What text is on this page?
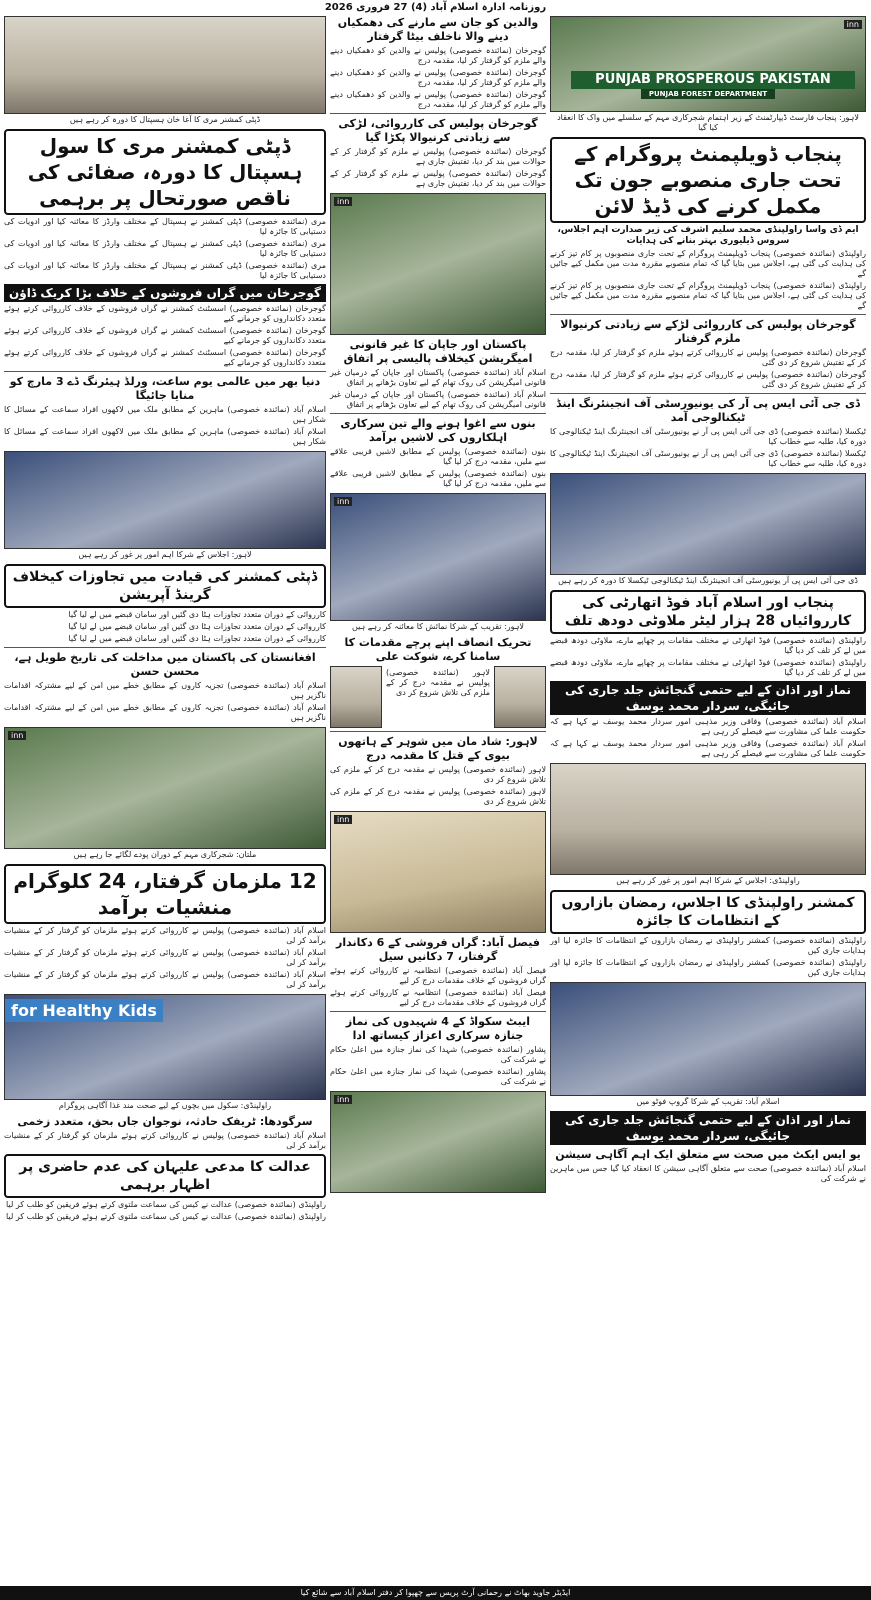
روزنامہ ادارہ اسلام آباد (4) 27 فروری 2026
inn
PUNJAB PROSPEROUS PAKISTAN
PUNJAB FOREST DEPARTMENT
لاہور: پنجاب فارسٹ ڈیپارٹمنٹ کے زیر اہتمام شجرکاری مہم کے سلسلے میں واک کا انعقاد کیا گیا
پنجاب ڈویلپمنٹ پروگرام کے تحت جاری منصوبے جون تک مکمل کرنے کی ڈیڈ لائن
ایم ڈی واسا راولپنڈی محمد سلیم اشرف کی زیر صدارت اہم اجلاس، سروس ڈیلیوری بہتر بنانے کی ہدایات
راولپنڈی (نمائندہ خصوصی) پنجاب ڈویلپمنٹ پروگرام کے تحت جاری منصوبوں پر کام تیز کرنے کی ہدایت کی گئی ہے، اجلاس میں بتایا گیا کہ تمام منصوبے مقررہ مدت میں مکمل کیے جائیں گے
راولپنڈی (نمائندہ خصوصی) پنجاب ڈویلپمنٹ پروگرام کے تحت جاری منصوبوں پر کام تیز کرنے کی ہدایت کی گئی ہے، اجلاس میں بتایا گیا کہ تمام منصوبے مقررہ مدت میں مکمل کیے جائیں گے
گوجرخان پولیس کی کارروائی لڑکے سے زیادتی کرنیوالا ملزم گرفتار
گوجرخان (نمائندہ خصوصی) پولیس نے کارروائی کرتے ہوئے ملزم کو گرفتار کر لیا، مقدمہ درج کر کے تفتیش شروع کر دی گئی
گوجرخان (نمائندہ خصوصی) پولیس نے کارروائی کرتے ہوئے ملزم کو گرفتار کر لیا، مقدمہ درج کر کے تفتیش شروع کر دی گئی
ڈی جی آئی ایس پی آر کی یونیورسٹی آف انجینئرنگ اینڈ ٹیکنالوجی آمد
ٹیکسلا (نمائندہ خصوصی) ڈی جی آئی ایس پی آر نے یونیورسٹی آف انجینئرنگ اینڈ ٹیکنالوجی کا دورہ کیا، طلبہ سے خطاب کیا
ٹیکسلا (نمائندہ خصوصی) ڈی جی آئی ایس پی آر نے یونیورسٹی آف انجینئرنگ اینڈ ٹیکنالوجی کا دورہ کیا، طلبہ سے خطاب کیا
ڈی جی آئی ایس پی آر یونیورسٹی آف انجینئرنگ اینڈ ٹیکنالوجی ٹیکسلا کا دورہ کر رہے ہیں
پنجاب اور اسلام آباد فوڈ اتھارٹی کی کارروائیاں 28 ہزار لیٹر ملاوٹی دودھ تلف
راولپنڈی (نمائندہ خصوصی) فوڈ اتھارٹی نے مختلف مقامات پر چھاپے مارے، ملاوٹی دودھ قبضے میں لے کر تلف کر دیا گیا
راولپنڈی (نمائندہ خصوصی) فوڈ اتھارٹی نے مختلف مقامات پر چھاپے مارے، ملاوٹی دودھ قبضے میں لے کر تلف کر دیا گیا
نماز اور اذان کے لیے حتمی گنجائش جلد جاری کی جائیگی، سردار محمد یوسف
اسلام آباد (نمائندہ خصوصی) وفاقی وزیر مذہبی امور سردار محمد یوسف نے کہا ہے کہ حکومت علما کی مشاورت سے فیصلے کر رہی ہے
اسلام آباد (نمائندہ خصوصی) وفاقی وزیر مذہبی امور سردار محمد یوسف نے کہا ہے کہ حکومت علما کی مشاورت سے فیصلے کر رہی ہے
راولپنڈی: اجلاس کے شرکا اہم امور پر غور کر رہے ہیں
کمشنر راولپنڈی کا اجلاس، رمضان بازاروں کے انتظامات کا جائزہ
راولپنڈی (نمائندہ خصوصی) کمشنر راولپنڈی نے رمضان بازاروں کے انتظامات کا جائزہ لیا اور ہدایات جاری کیں
راولپنڈی (نمائندہ خصوصی) کمشنر راولپنڈی نے رمضان بازاروں کے انتظامات کا جائزہ لیا اور ہدایات جاری کیں
اسلام آباد: تقریب کے شرکا گروپ فوٹو میں
نماز اور اذان کے لیے حتمی گنجائش جلد جاری کی جائیگی، سردار محمد یوسف
یو ایس ایکٹ میں صحت سے متعلق ایک اہم آگاہی سیشن
اسلام آباد (نمائندہ خصوصی) صحت سے متعلق آگاہی سیشن کا انعقاد کیا گیا جس میں ماہرین نے شرکت کی
والدین کو جان سے مارنے کی دھمکیاں دینے والا ناخلف بیٹا گرفتار
گوجرخان (نمائندہ خصوصی) پولیس نے والدین کو دھمکیاں دینے والے ملزم کو گرفتار کر لیا، مقدمہ درج
گوجرخان (نمائندہ خصوصی) پولیس نے والدین کو دھمکیاں دینے والے ملزم کو گرفتار کر لیا، مقدمہ درج
گوجرخان (نمائندہ خصوصی) پولیس نے والدین کو دھمکیاں دینے والے ملزم کو گرفتار کر لیا، مقدمہ درج
گوجرخان پولیس کی کارروائی، لڑکی سے زیادتی کرنیوالا پکڑا گیا
گوجرخان (نمائندہ خصوصی) پولیس نے ملزم کو گرفتار کر کے حوالات میں بند کر دیا، تفتیش جاری ہے
گوجرخان (نمائندہ خصوصی) پولیس نے ملزم کو گرفتار کر کے حوالات میں بند کر دیا، تفتیش جاری ہے
inn
پاکستان اور جاپان کا غیر قانونی امیگریشن کیخلاف پالیسی پر اتفاق
اسلام آباد (نمائندہ خصوصی) پاکستان اور جاپان کے درمیان غیر قانونی امیگریشن کی روک تھام کے لیے تعاون بڑھانے پر اتفاق
اسلام آباد (نمائندہ خصوصی) پاکستان اور جاپان کے درمیان غیر قانونی امیگریشن کی روک تھام کے لیے تعاون بڑھانے پر اتفاق
بنوں سے اغوا ہونے والے تین سرکاری اہلکاروں کی لاشیں برآمد
بنوں (نمائندہ خصوصی) پولیس کے مطابق لاشیں قریبی علاقے سے ملیں، مقدمہ درج کر لیا گیا
بنوں (نمائندہ خصوصی) پولیس کے مطابق لاشیں قریبی علاقے سے ملیں، مقدمہ درج کر لیا گیا
inn
لاہور: تقریب کے شرکا نمائش کا معائنہ کر رہے ہیں
تحریک انصاف اپنے پرچے مقدمات کا سامنا کرے، شوکت علی
لاہور (نمائندہ خصوصی) پولیس نے مقدمہ درج کر کے ملزم کی تلاش شروع کر دی
لاہور: شاد مان میں شوہر کے ہاتھوں بیوی کے قتل کا مقدمہ درج
لاہور (نمائندہ خصوصی) پولیس نے مقدمہ درج کر کے ملزم کی تلاش شروع کر دی
لاہور (نمائندہ خصوصی) پولیس نے مقدمہ درج کر کے ملزم کی تلاش شروع کر دی
inn
فیصل آباد: گراں فروشی کے 6 دکاندار گرفتار، 7 دکانیں سیل
فیصل آباد (نمائندہ خصوصی) انتظامیہ نے کارروائی کرتے ہوئے گراں فروشوں کے خلاف مقدمات درج کر لیے
فیصل آباد (نمائندہ خصوصی) انتظامیہ نے کارروائی کرتے ہوئے گراں فروشوں کے خلاف مقدمات درج کر لیے
ایبٹ سکواڈ کے 4 شہیدوں کی نماز جنازہ سرکاری اعزاز کیساتھ ادا
پشاور (نمائندہ خصوصی) شہدا کی نماز جنازہ میں اعلیٰ حکام نے شرکت کی
پشاور (نمائندہ خصوصی) شہدا کی نماز جنازہ میں اعلیٰ حکام نے شرکت کی
inn
ڈپٹی کمشنر مری کا آغا خان ہسپتال کا دورہ کر رہے ہیں
ڈپٹی کمشنر مری کا سول ہسپتال کا دورہ، صفائی کی ناقص صورتحال پر برہمی
مری (نمائندہ خصوصی) ڈپٹی کمشنر نے ہسپتال کے مختلف وارڈز کا معائنہ کیا اور ادویات کی دستیابی کا جائزہ لیا
مری (نمائندہ خصوصی) ڈپٹی کمشنر نے ہسپتال کے مختلف وارڈز کا معائنہ کیا اور ادویات کی دستیابی کا جائزہ لیا
مری (نمائندہ خصوصی) ڈپٹی کمشنر نے ہسپتال کے مختلف وارڈز کا معائنہ کیا اور ادویات کی دستیابی کا جائزہ لیا
گوجرخان میں گراں فروشوں کے خلاف بڑا کریک ڈاؤن
گوجرخان (نمائندہ خصوصی) اسسٹنٹ کمشنر نے گراں فروشوں کے خلاف کارروائی کرتے ہوئے متعدد دکانداروں کو جرمانے کیے
گوجرخان (نمائندہ خصوصی) اسسٹنٹ کمشنر نے گراں فروشوں کے خلاف کارروائی کرتے ہوئے متعدد دکانداروں کو جرمانے کیے
گوجرخان (نمائندہ خصوصی) اسسٹنٹ کمشنر نے گراں فروشوں کے خلاف کارروائی کرتے ہوئے متعدد دکانداروں کو جرمانے کیے
دنیا بھر میں عالمی یوم ساعت، ورلڈ ہیئرنگ ڈے 3 مارچ کو منایا جائیگا
اسلام آباد (نمائندہ خصوصی) ماہرین کے مطابق ملک میں لاکھوں افراد سماعت کے مسائل کا شکار ہیں
اسلام آباد (نمائندہ خصوصی) ماہرین کے مطابق ملک میں لاکھوں افراد سماعت کے مسائل کا شکار ہیں
لاہور: اجلاس کے شرکا اہم امور پر غور کر رہے ہیں
ڈپٹی کمشنر کی قیادت میں تجاوزات کیخلاف گرینڈ آپریشن
کارروائی کے دوران متعدد تجاوزات ہٹا دی گئیں اور سامان قبضے میں لے لیا گیا
کارروائی کے دوران متعدد تجاوزات ہٹا دی گئیں اور سامان قبضے میں لے لیا گیا
کارروائی کے دوران متعدد تجاوزات ہٹا دی گئیں اور سامان قبضے میں لے لیا گیا
افغانستان کی پاکستان میں مداخلت کی تاریخ طویل ہے، محسن حسن
اسلام آباد (نمائندہ خصوصی) تجزیہ کاروں کے مطابق خطے میں امن کے لیے مشترکہ اقدامات ناگزیر ہیں
اسلام آباد (نمائندہ خصوصی) تجزیہ کاروں کے مطابق خطے میں امن کے لیے مشترکہ اقدامات ناگزیر ہیں
inn
ملتان: شجرکاری مہم کے دوران پودے لگائے جا رہے ہیں
12 ملزمان گرفتار، 24 کلوگرام منشیات برآمد
اسلام آباد (نمائندہ خصوصی) پولیس نے کارروائی کرتے ہوئے ملزمان کو گرفتار کر کے منشیات برآمد کر لی
اسلام آباد (نمائندہ خصوصی) پولیس نے کارروائی کرتے ہوئے ملزمان کو گرفتار کر کے منشیات برآمد کر لی
اسلام آباد (نمائندہ خصوصی) پولیس نے کارروائی کرتے ہوئے ملزمان کو گرفتار کر کے منشیات برآمد کر لی
for Healthy Kids
راولپنڈی: سکول میں بچوں کے لیے صحت مند غذا آگاہی پروگرام
سرگودھا: ٹریفک حادثہ، نوجوان جاں بحق، متعدد زخمی
اسلام آباد (نمائندہ خصوصی) پولیس نے کارروائی کرتے ہوئے ملزمان کو گرفتار کر کے منشیات برآمد کر لی
عدالت کا مدعی علیہان کی عدم حاضری پر اظہار برہمی
راولپنڈی (نمائندہ خصوصی) عدالت نے کیس کی سماعت ملتوی کرتے ہوئے فریقین کو طلب کر لیا
راولپنڈی (نمائندہ خصوصی) عدالت نے کیس کی سماعت ملتوی کرتے ہوئے فریقین کو طلب کر لیا
ایڈیٹر جاوید بھاٹ نے رحمانی آرٹ پریس سے چھپوا کر دفتر اسلام آباد سے شائع کیا
